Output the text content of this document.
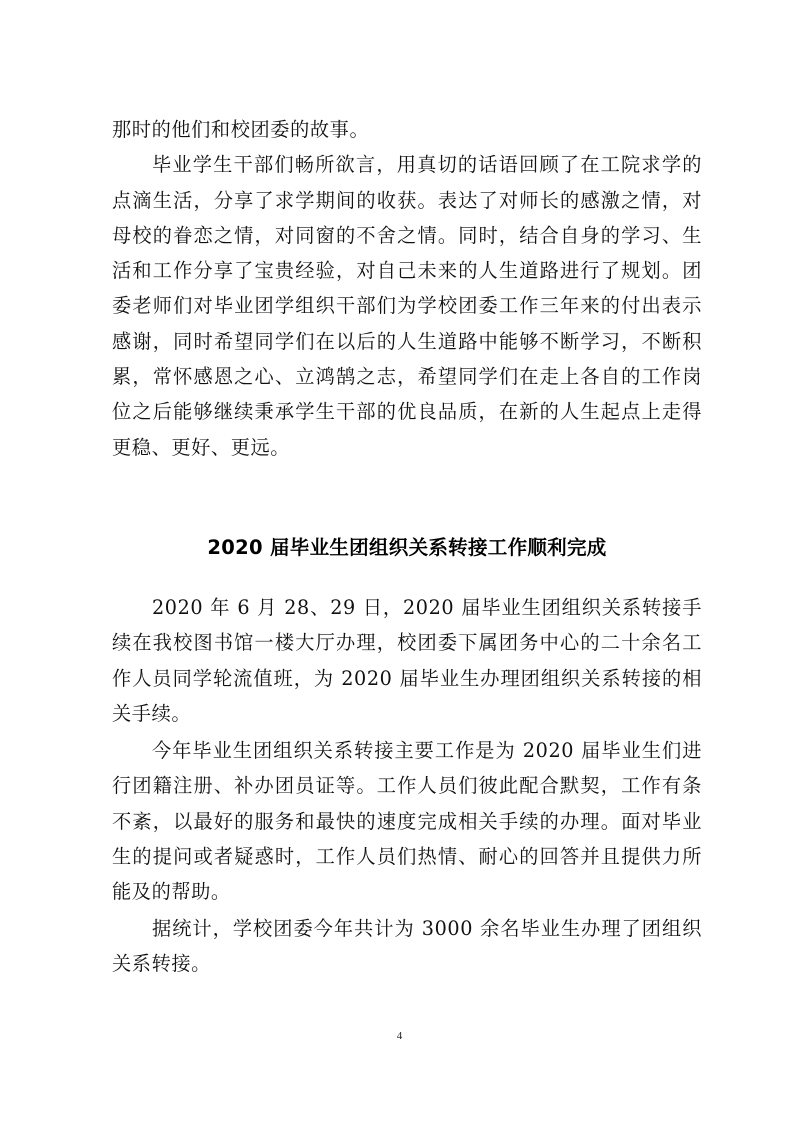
那时的他们和校团委的故事。

毕业学生干部们畅所欲言，用真切的话语回顾了在工院求学的点滴生活，分享了求学期间的收获。表达了对师长的感激之情，对母校的眷恋之情，对同窗的不舍之情。同时，结合自身的学习、生活和工作分享了宝贵经验，对自己未来的人生道路进行了规划。团委老师们对毕业团学组织干部们为学校团委工作三年来的付出表示感谢，同时希望同学们在以后的人生道路中能够不断学习，不断积累，常怀感恩之心、立鸿鹄之志，希望同学们在走上各自的工作岗位之后能够继续秉承学生干部的优良品质，在新的人生起点上走得更稳、更好、更远。

2020 届毕业生团组织关系转接工作顺利完成

2020 年 6 月 28、29 日，2020 届毕业生团组织关系转接手续在我校图书馆一楼大厅办理，校团委下属团务中心的二十余名工作人员同学轮流值班，为 2020 届毕业生办理团组织关系转接的相关手续。

今年毕业生团组织关系转接主要工作是为 2020 届毕业生们进行团籍注册、补办团员证等。工作人员们彼此配合默契，工作有条不紊，以最好的服务和最快的速度完成相关手续的办理。面对毕业生的提问或者疑惑时，工作人员们热情、耐心的回答并且提供力所能及的帮助。

据统计，学校团委今年共计为 3000 余名毕业生办理了团组织关系转接。

4
